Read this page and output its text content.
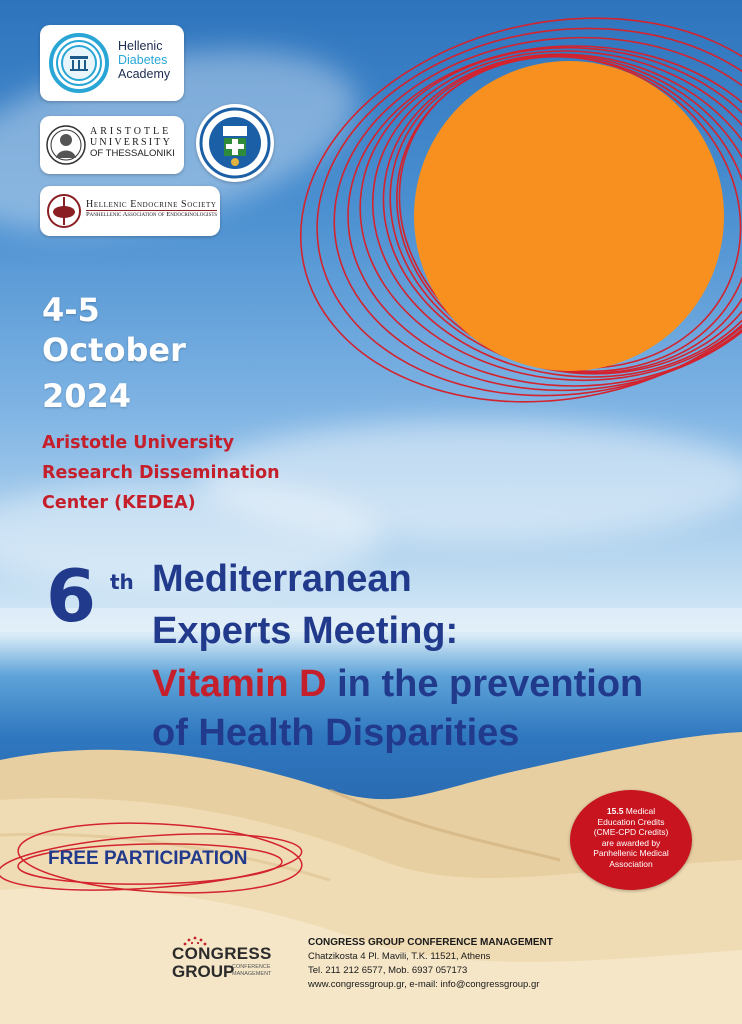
Hellenic
Diabetes
Academy
ARISTOTLE
UNIVERSITY
OF THESSALONIKI
Hellenic Endocrine Society
Panhellenic Association of Endocrinologists
4-5
October
2024
Aristotle University
Research Dissemination
Center (KEDEA)
6 th Mediterranean
Experts Meeting:
Vitamin D in the prevention
of Health Disparities
FREE PARTICIPATION
15.5 Medical
Education Credits
(CME-CPD Credits)
are awarded by
Panhellenic Medical
Association
CONGRESS
GROUP
CONFERENCE
MANAGEMENT
CONGRESS GROUP CONFERENCE MANAGEMENT
Chatzikosta 4 Pl. Mavili, T.K. 11521, Athens
Tel. 211 212 6577, Mob. 6937 057173
www.congressgroup.gr, e-mail: info@congressgroup.gr
